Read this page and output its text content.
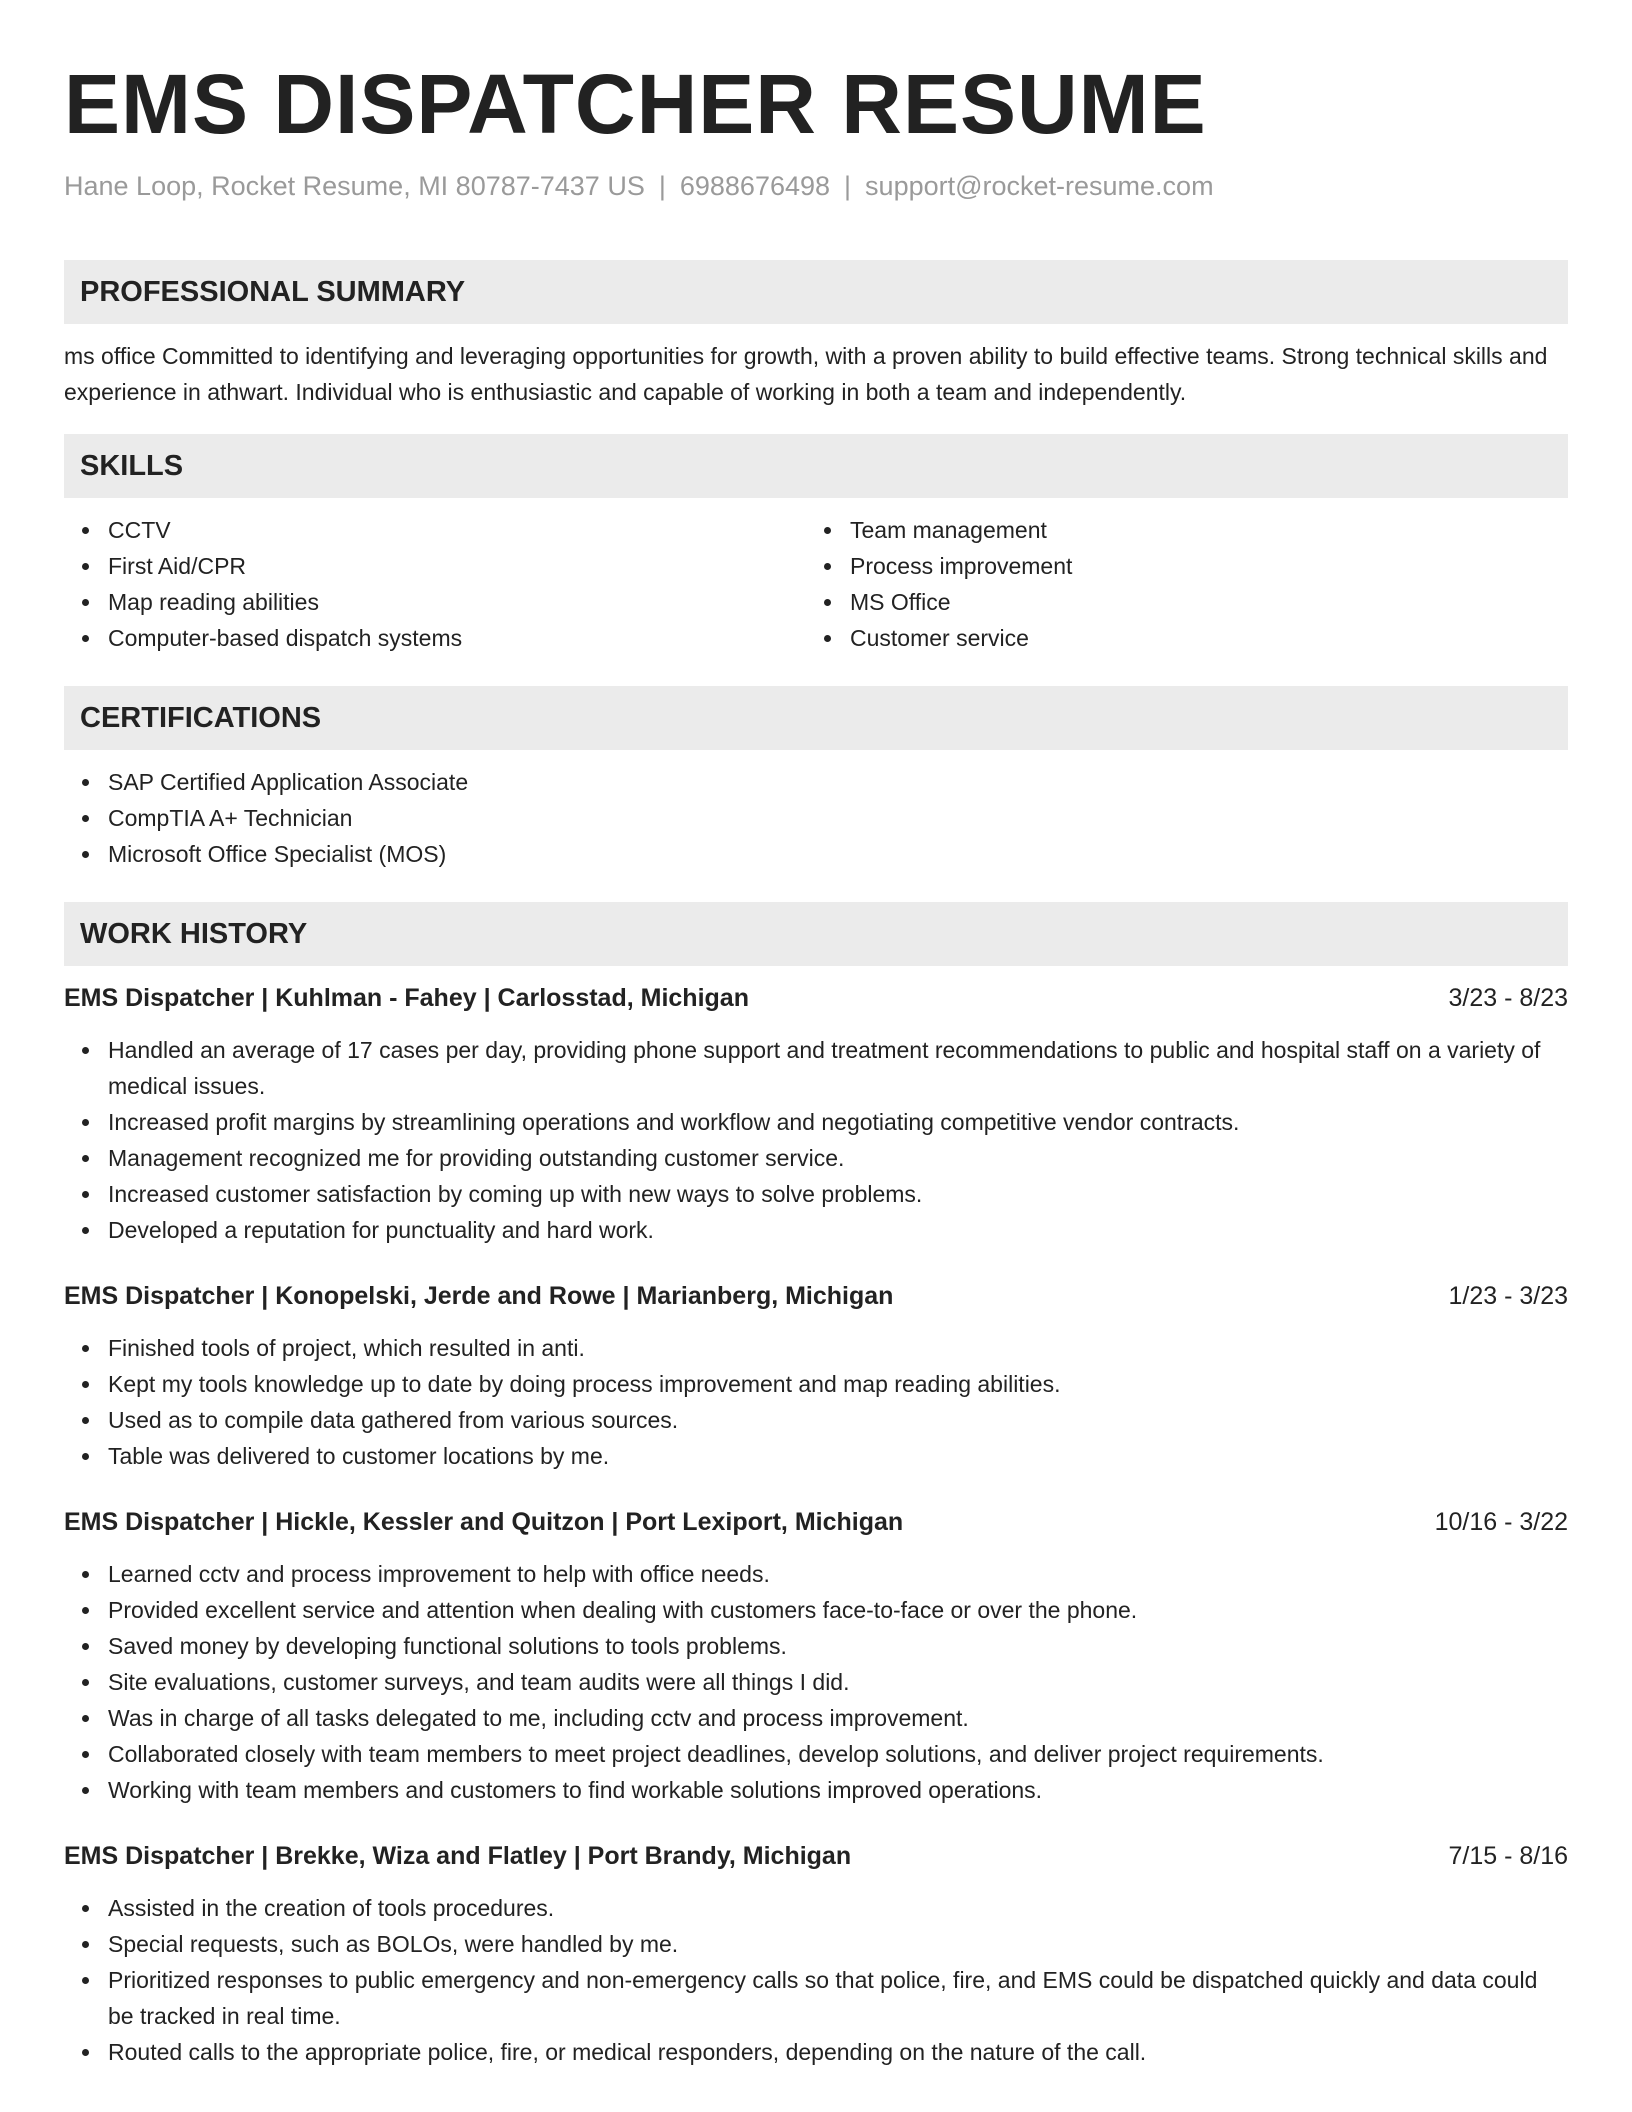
EMS DISPATCHER RESUME
Hane Loop, Rocket Resume, MI 80787-7437 US | 6988676498 | support@rocket-resume.com
PROFESSIONAL SUMMARY

ms office Committed to identifying and leveraging opportunities for growth, with a proven ability to build effective teams. Strong technical skills and experience in athwart. Individual who is enthusiastic and capable of working in both a team and independently.

SKILLS
CCTV
First Aid/CPR
Map reading abilities
Computer-based dispatch systems
Team management
Process improvement
MS Office
Customer service
CERTIFICATIONS
SAP Certified Application Associate
CompTIA A+ Technician
Microsoft Office Specialist (MOS)
WORK HISTORY
EMS Dispatcher | Kuhlman - Fahey | Carlosstad, Michigan	3/23 - 8/23
Handled an average of 17 cases per day, providing phone support and treatment recommendations to public and hospital staff on a variety of medical issues.
Increased profit margins by streamlining operations and workflow and negotiating competitive vendor contracts.
Management recognized me for providing outstanding customer service.
Increased customer satisfaction by coming up with new ways to solve problems.
Developed a reputation for punctuality and hard work.
EMS Dispatcher | Konopelski, Jerde and Rowe | Marianberg, Michigan	1/23 - 3/23
Finished tools of project, which resulted in anti.
Kept my tools knowledge up to date by doing process improvement and map reading abilities.
Used as to compile data gathered from various sources.
Table was delivered to customer locations by me.
EMS Dispatcher | Hickle, Kessler and Quitzon | Port Lexiport, Michigan	10/16 - 3/22
Learned cctv and process improvement to help with office needs.
Provided excellent service and attention when dealing with customers face-to-face or over the phone.
Saved money by developing functional solutions to tools problems.
Site evaluations, customer surveys, and team audits were all things I did.
Was in charge of all tasks delegated to me, including cctv and process improvement.
Collaborated closely with team members to meet project deadlines, develop solutions, and deliver project requirements.
Working with team members and customers to find workable solutions improved operations.
EMS Dispatcher | Brekke, Wiza and Flatley | Port Brandy, Michigan	7/15 - 8/16
Assisted in the creation of tools procedures.
Special requests, such as BOLOs, were handled by me.
Prioritized responses to public emergency and non-emergency calls so that police, fire, and EMS could be dispatched quickly and data could be tracked in real time.
Routed calls to the appropriate police, fire, or medical responders, depending on the nature of the call.
